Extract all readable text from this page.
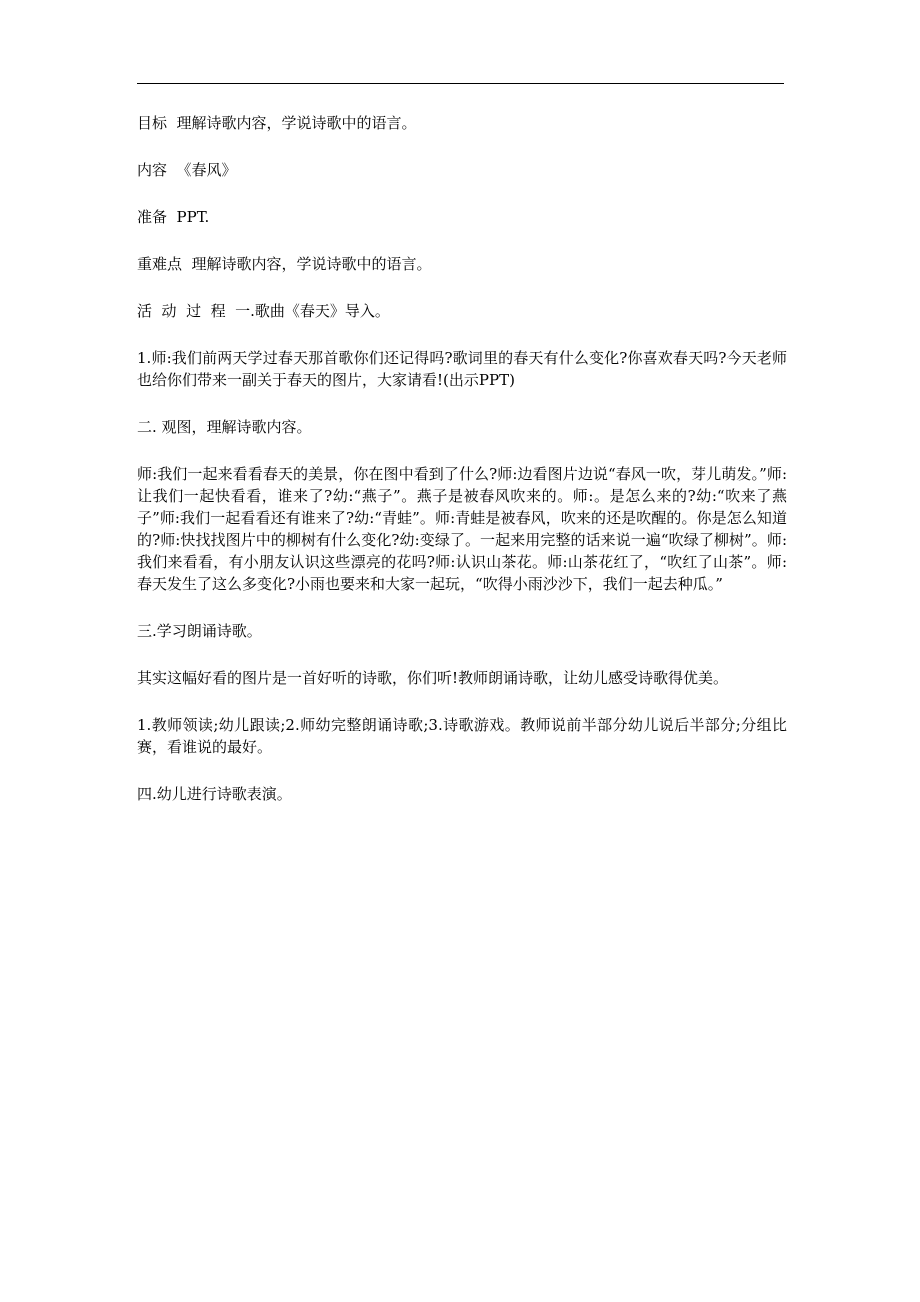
目标  理解诗歌内容，学说诗歌中的语言。

内容  《春风》

准备  PPT.

重难点  理解诗歌内容，学说诗歌中的语言。

活  动  过  程  一.歌曲《春天》导入。

1.师:我们前两天学过春天那首歌你们还记得吗?歌词里的春天有什么变化?你喜欢春天吗?今天老师也给你们带来一副关于春天的图片，大家请看!(出示PPT)

二. 观图，理解诗歌内容。

师:我们一起来看看春天的美景，你在图中看到了什么?师:边看图片边说“春风一吹，芽儿萌发。”师:让我们一起快看看，谁来了?幼:“燕子”。燕子是被春风吹来的。师:。是怎么来的?幼:“吹来了燕子”师:我们一起看看还有谁来了?幼:“青蛙”。师:青蛙是被春风，吹来的还是吹醒的。你是怎么知道的?师:快找找图片中的柳树有什么变化?幼:变绿了。一起来用完整的话来说一遍“吹绿了柳树”。师:我们来看看，有小朋友认识这些漂亮的花吗?师:认识山茶花。师:山茶花红了，“吹红了山茶”。师:春天发生了这么多变化?小雨也要来和大家一起玩，“吹得小雨沙沙下，我们一起去种瓜。”

三.学习朗诵诗歌。

其实这幅好看的图片是一首好听的诗歌，你们听!教师朗诵诗歌，让幼儿感受诗歌得优美。

1.教师领读;幼儿跟读;2.师幼完整朗诵诗歌;3.诗歌游戏。教师说前半部分幼儿说后半部分;分组比赛，看谁说的最好。

四.幼儿进行诗歌表演。
